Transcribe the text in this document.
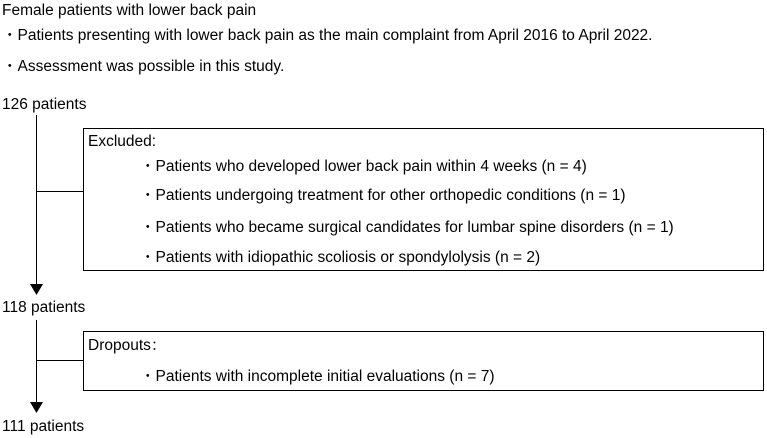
Female patients with lower back pain
・Patients presenting with lower back pain as the main complaint from April 2016 to April 2022.
・Assessment was possible in this study.
126 patients
118 patients
111 patients
Excluded:
・Patients who developed lower back pain within 4 weeks (n = 4)
・Patients undergoing treatment for other orthopedic conditions (n = 1)
・Patients who became surgical candidates for lumbar spine disorders (n = 1)
・Patients with idiopathic scoliosis or spondylolysis (n = 2)
Dropouts：
・Patients with incomplete initial evaluations (n = 7)
